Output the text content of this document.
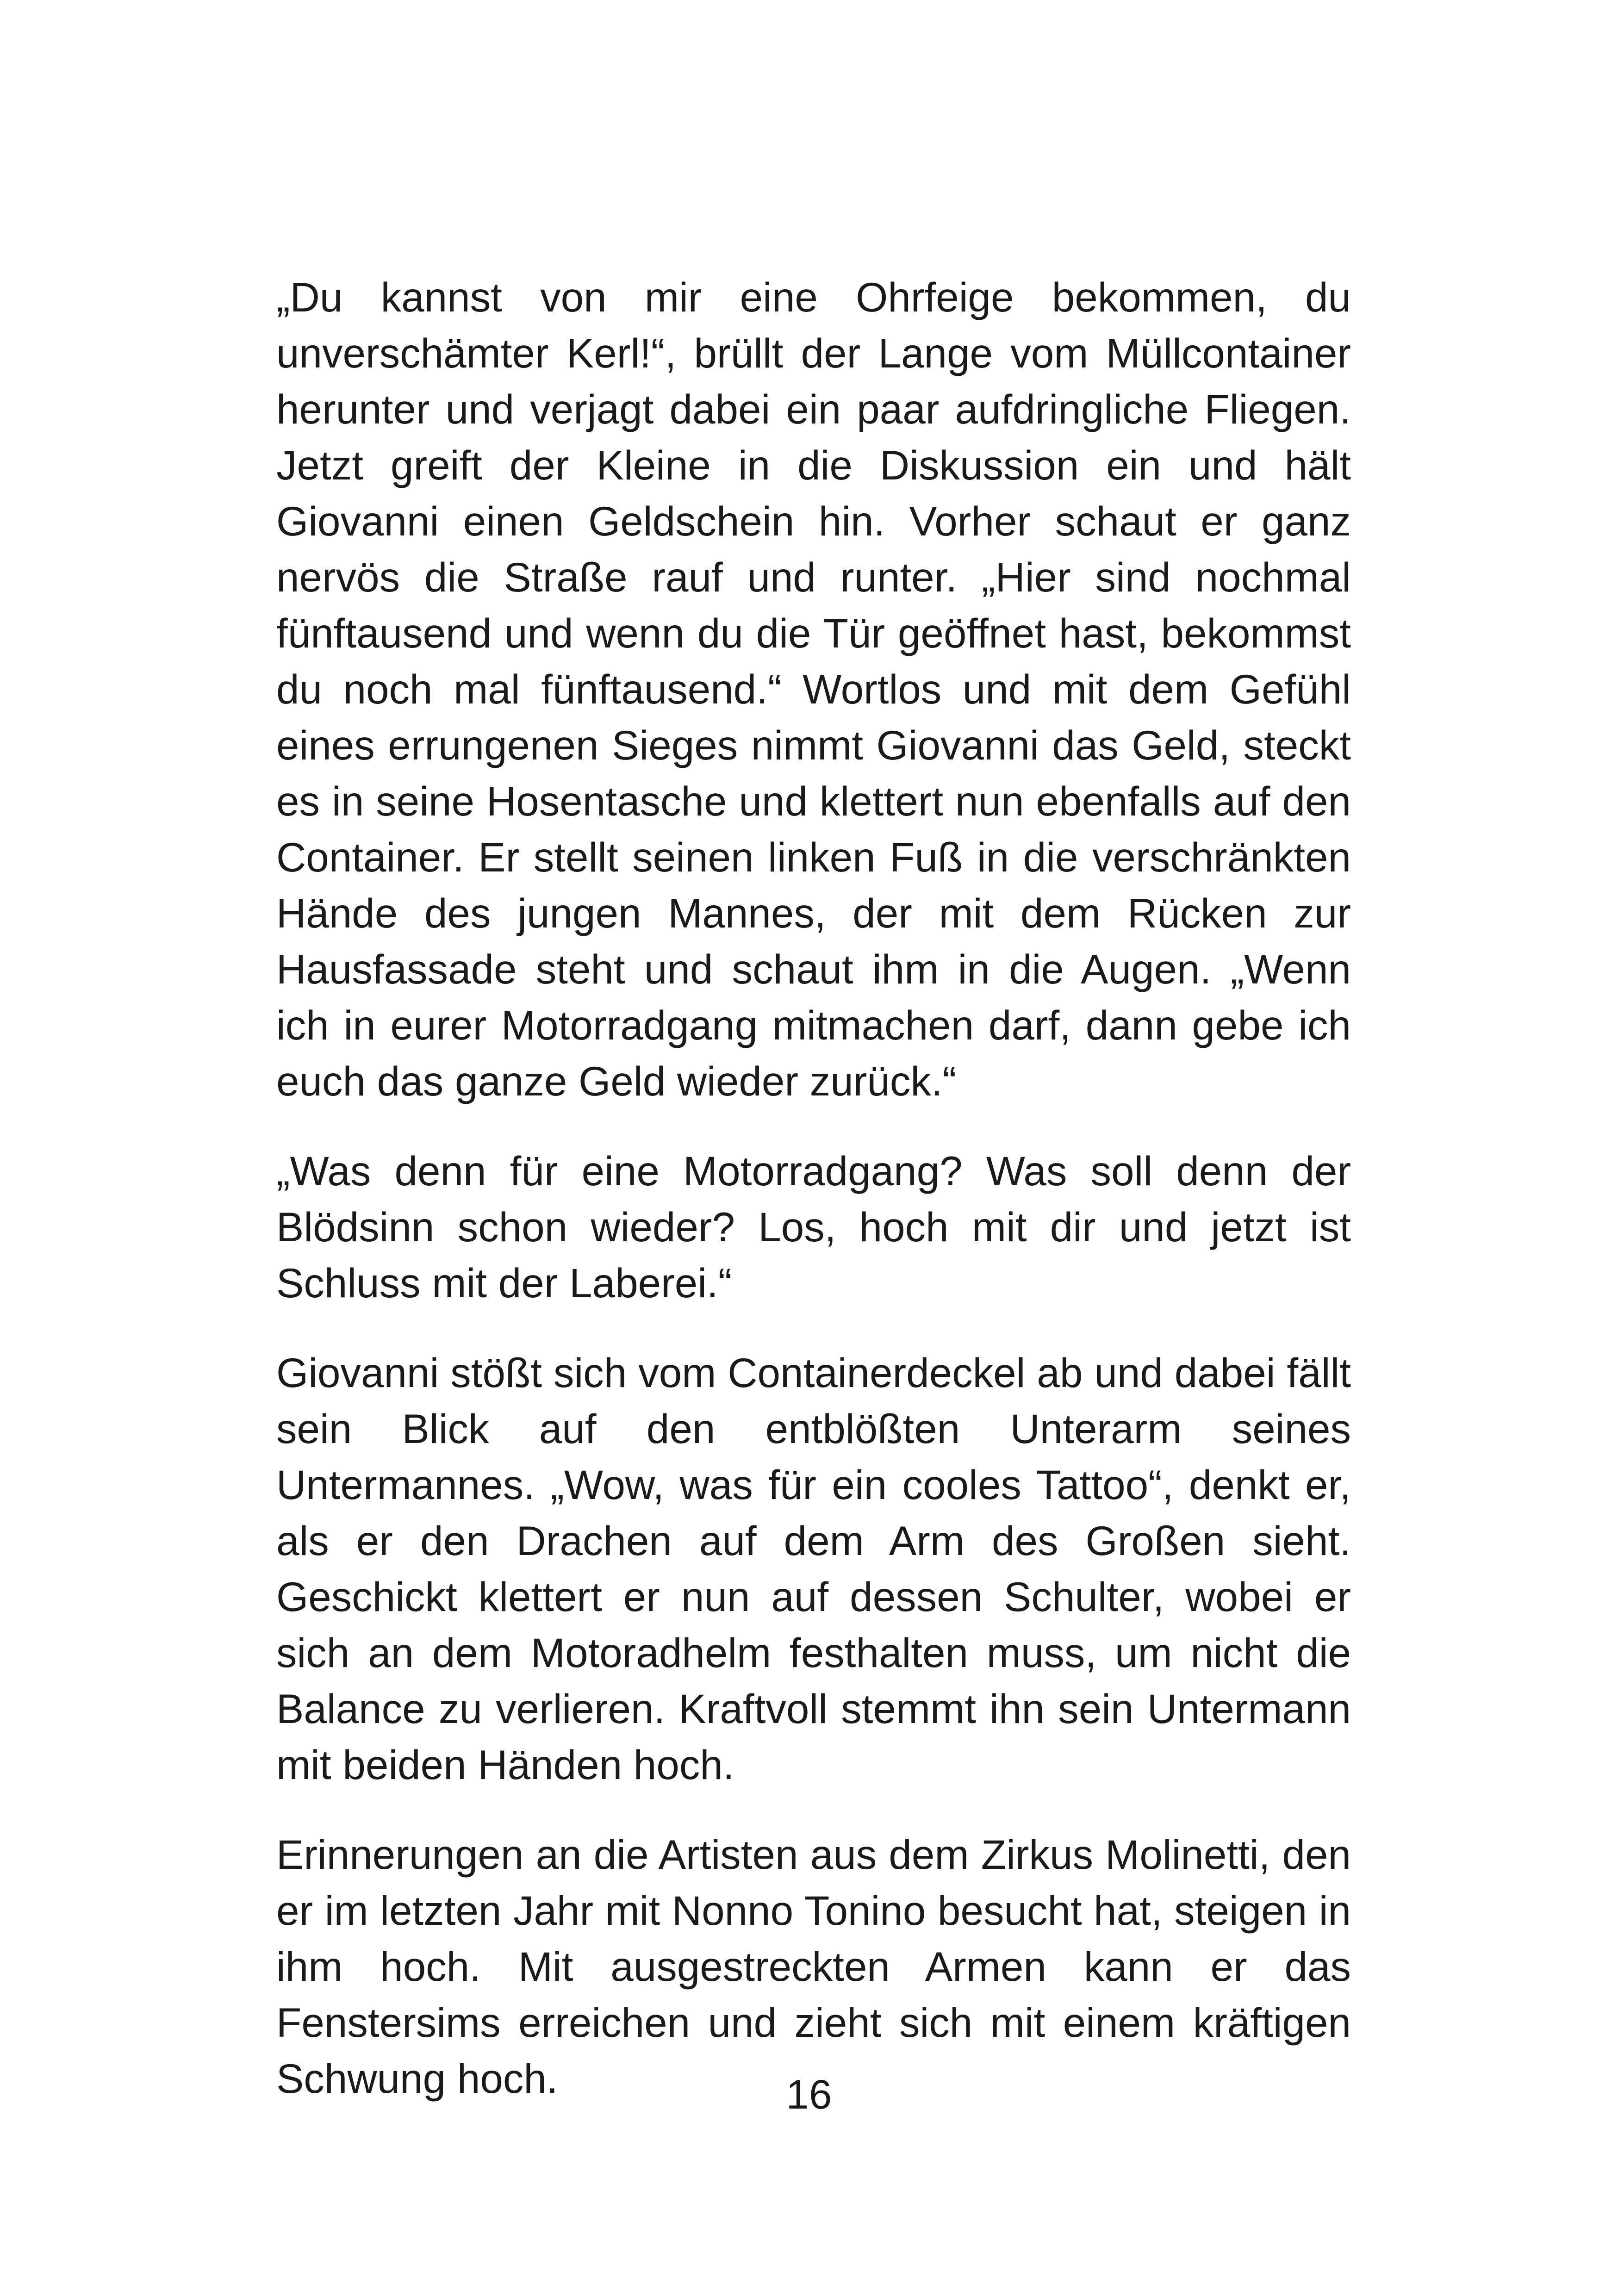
„Du kannst von mir eine Ohrfeige bekommen, du unverschämter Kerl!“, brüllt der Lange vom Müllcontainer herunter und verjagt dabei ein paar aufdringliche Fliegen. Jetzt greift der Kleine in die Diskussion ein und hält Giovanni einen Geldschein hin. Vorher schaut er ganz nervös die Straße rauf und runter. „Hier sind nochmal fünftausend und wenn du die Tür geöffnet hast, bekommst du noch mal fünftausend.“ Wortlos und mit dem Gefühl eines errungenen Sieges nimmt Giovanni das Geld, steckt es in seine Hosentasche und klettert nun ebenfalls auf den Container. Er stellt seinen linken Fuß in die verschränkten Hände des jungen Mannes, der mit dem Rücken zur Hausfassade steht und schaut ihm in die Augen. „Wenn ich in eurer Motorradgang mitmachen darf, dann gebe ich euch das ganze Geld wieder zurück.“

„Was denn für eine Motorradgang? Was soll denn der Blödsinn schon wieder? Los, hoch mit dir und jetzt ist Schluss mit der Laberei.“

Giovanni stößt sich vom Containerdeckel ab und dabei fällt sein Blick auf den entblößten Unterarm seines Untermannes. „Wow, was für ein cooles Tattoo“, denkt er, als er den Drachen auf dem Arm des Großen sieht. Geschickt klettert er nun auf dessen Schulter, wobei er sich an dem Motoradhelm festhalten muss, um nicht die Balance zu verlieren. Kraftvoll stemmt ihn sein Untermann mit beiden Händen hoch.

Erinnerungen an die Artisten aus dem Zirkus Molinetti, den er im letzten Jahr mit Nonno Tonino besucht hat, steigen in ihm hoch. Mit ausgestreckten Armen kann er das Fenstersims erreichen und zieht sich mit einem kräftigen Schwung hoch.	16
